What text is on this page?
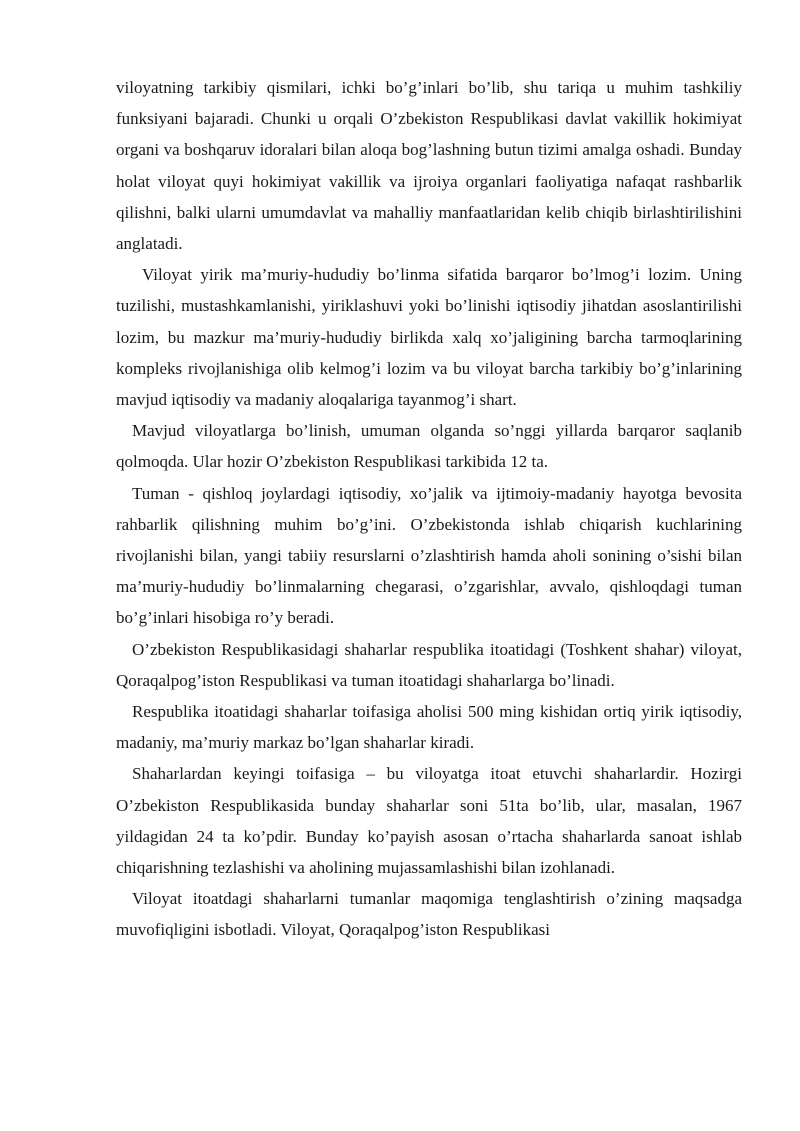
viloyatning tarkibiy qismilari, ichki bo’g’inlari bo’lib, shu tariqa u muhim tashkiliy funksiyani bajaradi. Chunki u orqali O’zbekiston Respublikasi davlat vakillik hokimiyat organi va boshqaruv idoralari bilan aloqa bog’lashning butun tizimi amalga oshadi. Bunday holat viloyat quyi hokimiyat vakillik va ijroiya organlari faoliyatiga nafaqat rashbarlik qilishni, balki ularni umumdavlat va mahalliy manfaatlaridan kelib chiqib birlashtirilishini anglatadi.

Viloyat yirik ma’muriy-hududiy bo’linma sifatida barqaror bo’lmog’i lozim. Uning tuzilishi, mustashkamlanishi, yiriklashuvi yoki bo’linishi iqtisodiy jihatdan asoslantirilishi lozim, bu mazkur ma’muriy-hududiy birlikda xalq xo’jaligining barcha tarmoqlarining kompleks rivojlanishiga olib kelmog’i lozim va bu viloyat barcha tarkibiy bo’g’inlarining mavjud iqtisodiy va madaniy aloqalariga tayanmog’i shart.

Mavjud viloyatlarga bo’linish, umuman olganda so’nggi yillarda barqaror saqlanib qolmoqda. Ular hozir O’zbekiston Respublikasi tarkibida 12 ta.

Tuman - qishloq joylardagi iqtisodiy, xo’jalik va ijtimoiy-madaniy hayotga bevosita rahbarlik qilishning muhim bo’g’ini. O’zbekistonda ishlab chiqarish kuchlarining rivojlanishi bilan, yangi tabiiy resurslarni o’zlashtirish hamda aholi sonining o’sishi bilan ma’muriy-hududiy bo’linmalarning chegarasi, o’zgarishlar, avvalo, qishloqdagi tuman bo’g’inlari hisobiga ro’y beradi.

O’zbekiston Respublikasidagi shaharlar respublika itoatidagi (Toshkent shahar) viloyat, Qoraqalpog’iston Respublikasi va tuman itoatidagi shaharlarga bo’linadi.

Respublika itoatidagi shaharlar toifasiga aholisi 500 ming kishidan ortiq yirik iqtisodiy, madaniy, ma’muriy markaz bo’lgan shaharlar kiradi.

Shaharlardan keyingi toifasiga – bu viloyatga itoat etuvchi shaharlardir. Hozirgi O’zbekiston Respublikasida bunday shaharlar soni 51ta bo’lib, ular, masalan, 1967 yildagidan 24 ta ko’pdir. Bunday ko’payish asosan o’rtacha shaharlarda sanoat ishlab chiqarishning tezlashishi va aholining mujassamlashishi bilan izohlanadi.

Viloyat itoatdagi shaharlarni tumanlar maqomiga tenglashtirish o’zining maqsadga muvofiqligini isbotladi. Viloyat, Qoraqalpog’iston Respublikasi
